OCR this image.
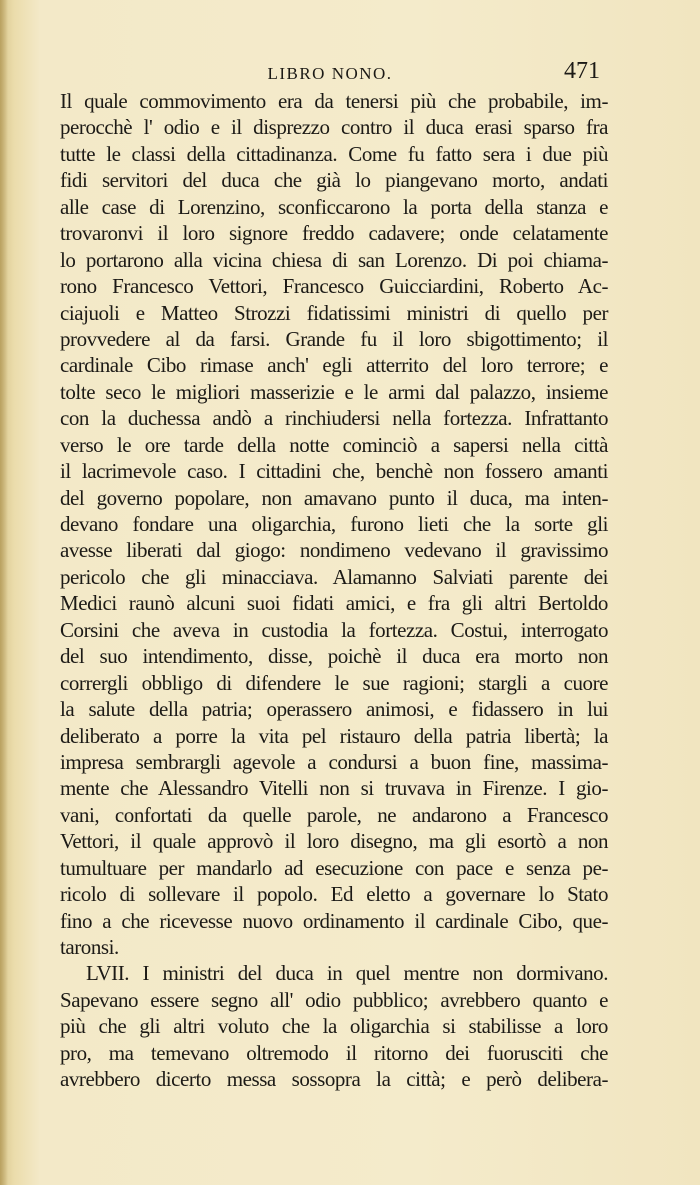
LIBRO NONO.	471
Il quale commovimento era da tenersi più che probabile, im-
perocchè l' odio e il disprezzo contro il duca erasi sparso fra
tutte le classi della cittadinanza. Come fu fatto sera i due più
fidi servitori del duca che già lo piangevano morto, andati
alle case di Lorenzino, sconficcarono la porta della stanza e
trovaronvi il loro signore freddo cadavere; onde celatamente
lo portarono alla vicina chiesa di san Lorenzo. Di poi chiama-
rono Francesco Vettori, Francesco Guicciardini, Roberto Ac-
ciajuoli e Matteo Strozzi fidatissimi ministri di quello per
provvedere al da farsi. Grande fu il loro sbigottimento; il
cardinale Cibo rimase anch' egli atterrito del loro terrore; e
tolte seco le migliori masserizie e le armi dal palazzo, insieme
con la duchessa andò a rinchiudersi nella fortezza. Infrattanto
verso le ore tarde della notte cominciò a sapersi nella città
il lacrimevole caso. I cittadini che, benchè non fossero amanti
del governo popolare, non amavano punto il duca, ma inten-
devano fondare una oligarchia, furono lieti che la sorte gli
avesse liberati dal giogo: nondimeno vedevano il gravissimo
pericolo che gli minacciava. Alamanno Salviati parente dei
Medici raunò alcuni suoi fidati amici, e fra gli altri Bertoldo
Corsini che aveva in custodia la fortezza. Costui, interrogato
del suo intendimento, disse, poichè il duca era morto non
corrergli obbligo di difendere le sue ragioni; stargli a cuore
la salute della patria; operassero animosi, e fidassero in lui
deliberato a porre la vita pel ristauro della patria libertà; la
impresa sembrargli agevole a condursi a buon fine, massima-
mente che Alessandro Vitelli non si truvava in Firenze. I gio-
vani, confortati da quelle parole, ne andarono a Francesco
Vettori, il quale approvò il loro disegno, ma gli esortò a non
tumultuare per mandarlo ad esecuzione con pace e senza pe-
ricolo di sollevare il popolo. Ed eletto a governare lo Stato
fino a che ricevesse nuovo ordinamento il cardinale Cibo, que-
taronsi.
LVII. I ministri del duca in quel mentre non dormivano.
Sapevano essere segno all' odio pubblico; avrebbero quanto e
più che gli altri voluto che la oligarchia si stabilisse a loro
pro, ma temevano oltremodo il ritorno dei fuorusciti che
avrebbero dicerto messa sossopra la città; e però delibera-
